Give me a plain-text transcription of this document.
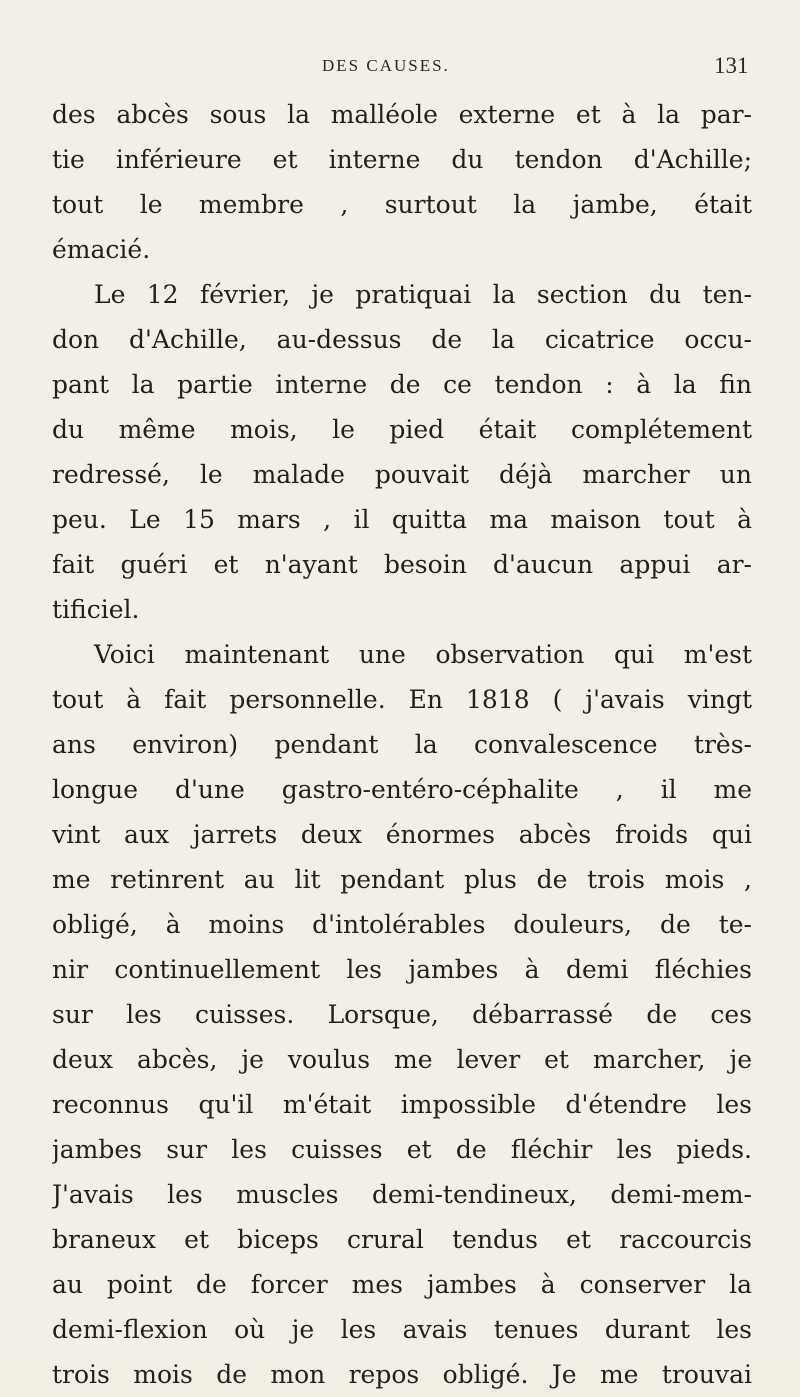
DES CAUSES.	131
des abcès sous la malléole externe et à la par-
tie inférieure et interne du tendon d'Achille;
tout le membre , surtout la jambe, était
émacié.
Le 12 février, je pratiquai la section du ten-
don d'Achille, au-dessus de la cicatrice occu-
pant la partie interne de ce tendon : à la fin
du même mois, le pied était complétement
redressé, le malade pouvait déjà marcher un
peu. Le 15 mars , il quitta ma maison tout à
fait guéri et n'ayant besoin d'aucun appui ar-
tificiel.
Voici maintenant une observation qui m'est
tout à fait personnelle. En 1818 ( j'avais vingt
ans environ) pendant la convalescence très-
longue d'une gastro-entéro-céphalite , il me
vint aux jarrets deux énormes abcès froids qui
me retinrent au lit pendant plus de trois mois ,
obligé, à moins d'intolérables douleurs, de te-
nir continuellement les jambes à demi fléchies
sur les cuisses. Lorsque, débarrassé de ces
deux abcès, je voulus me lever et marcher, je
reconnus qu'il m'était impossible d'étendre les
jambes sur les cuisses et de fléchir les pieds.
J'avais les muscles demi-tendineux, demi-mem-
braneux et biceps crural tendus et raccourcis
au point de forcer mes jambes à conserver la
demi-flexion où je les avais tenues durant les
trois mois de mon repos obligé. Je me trouvai
